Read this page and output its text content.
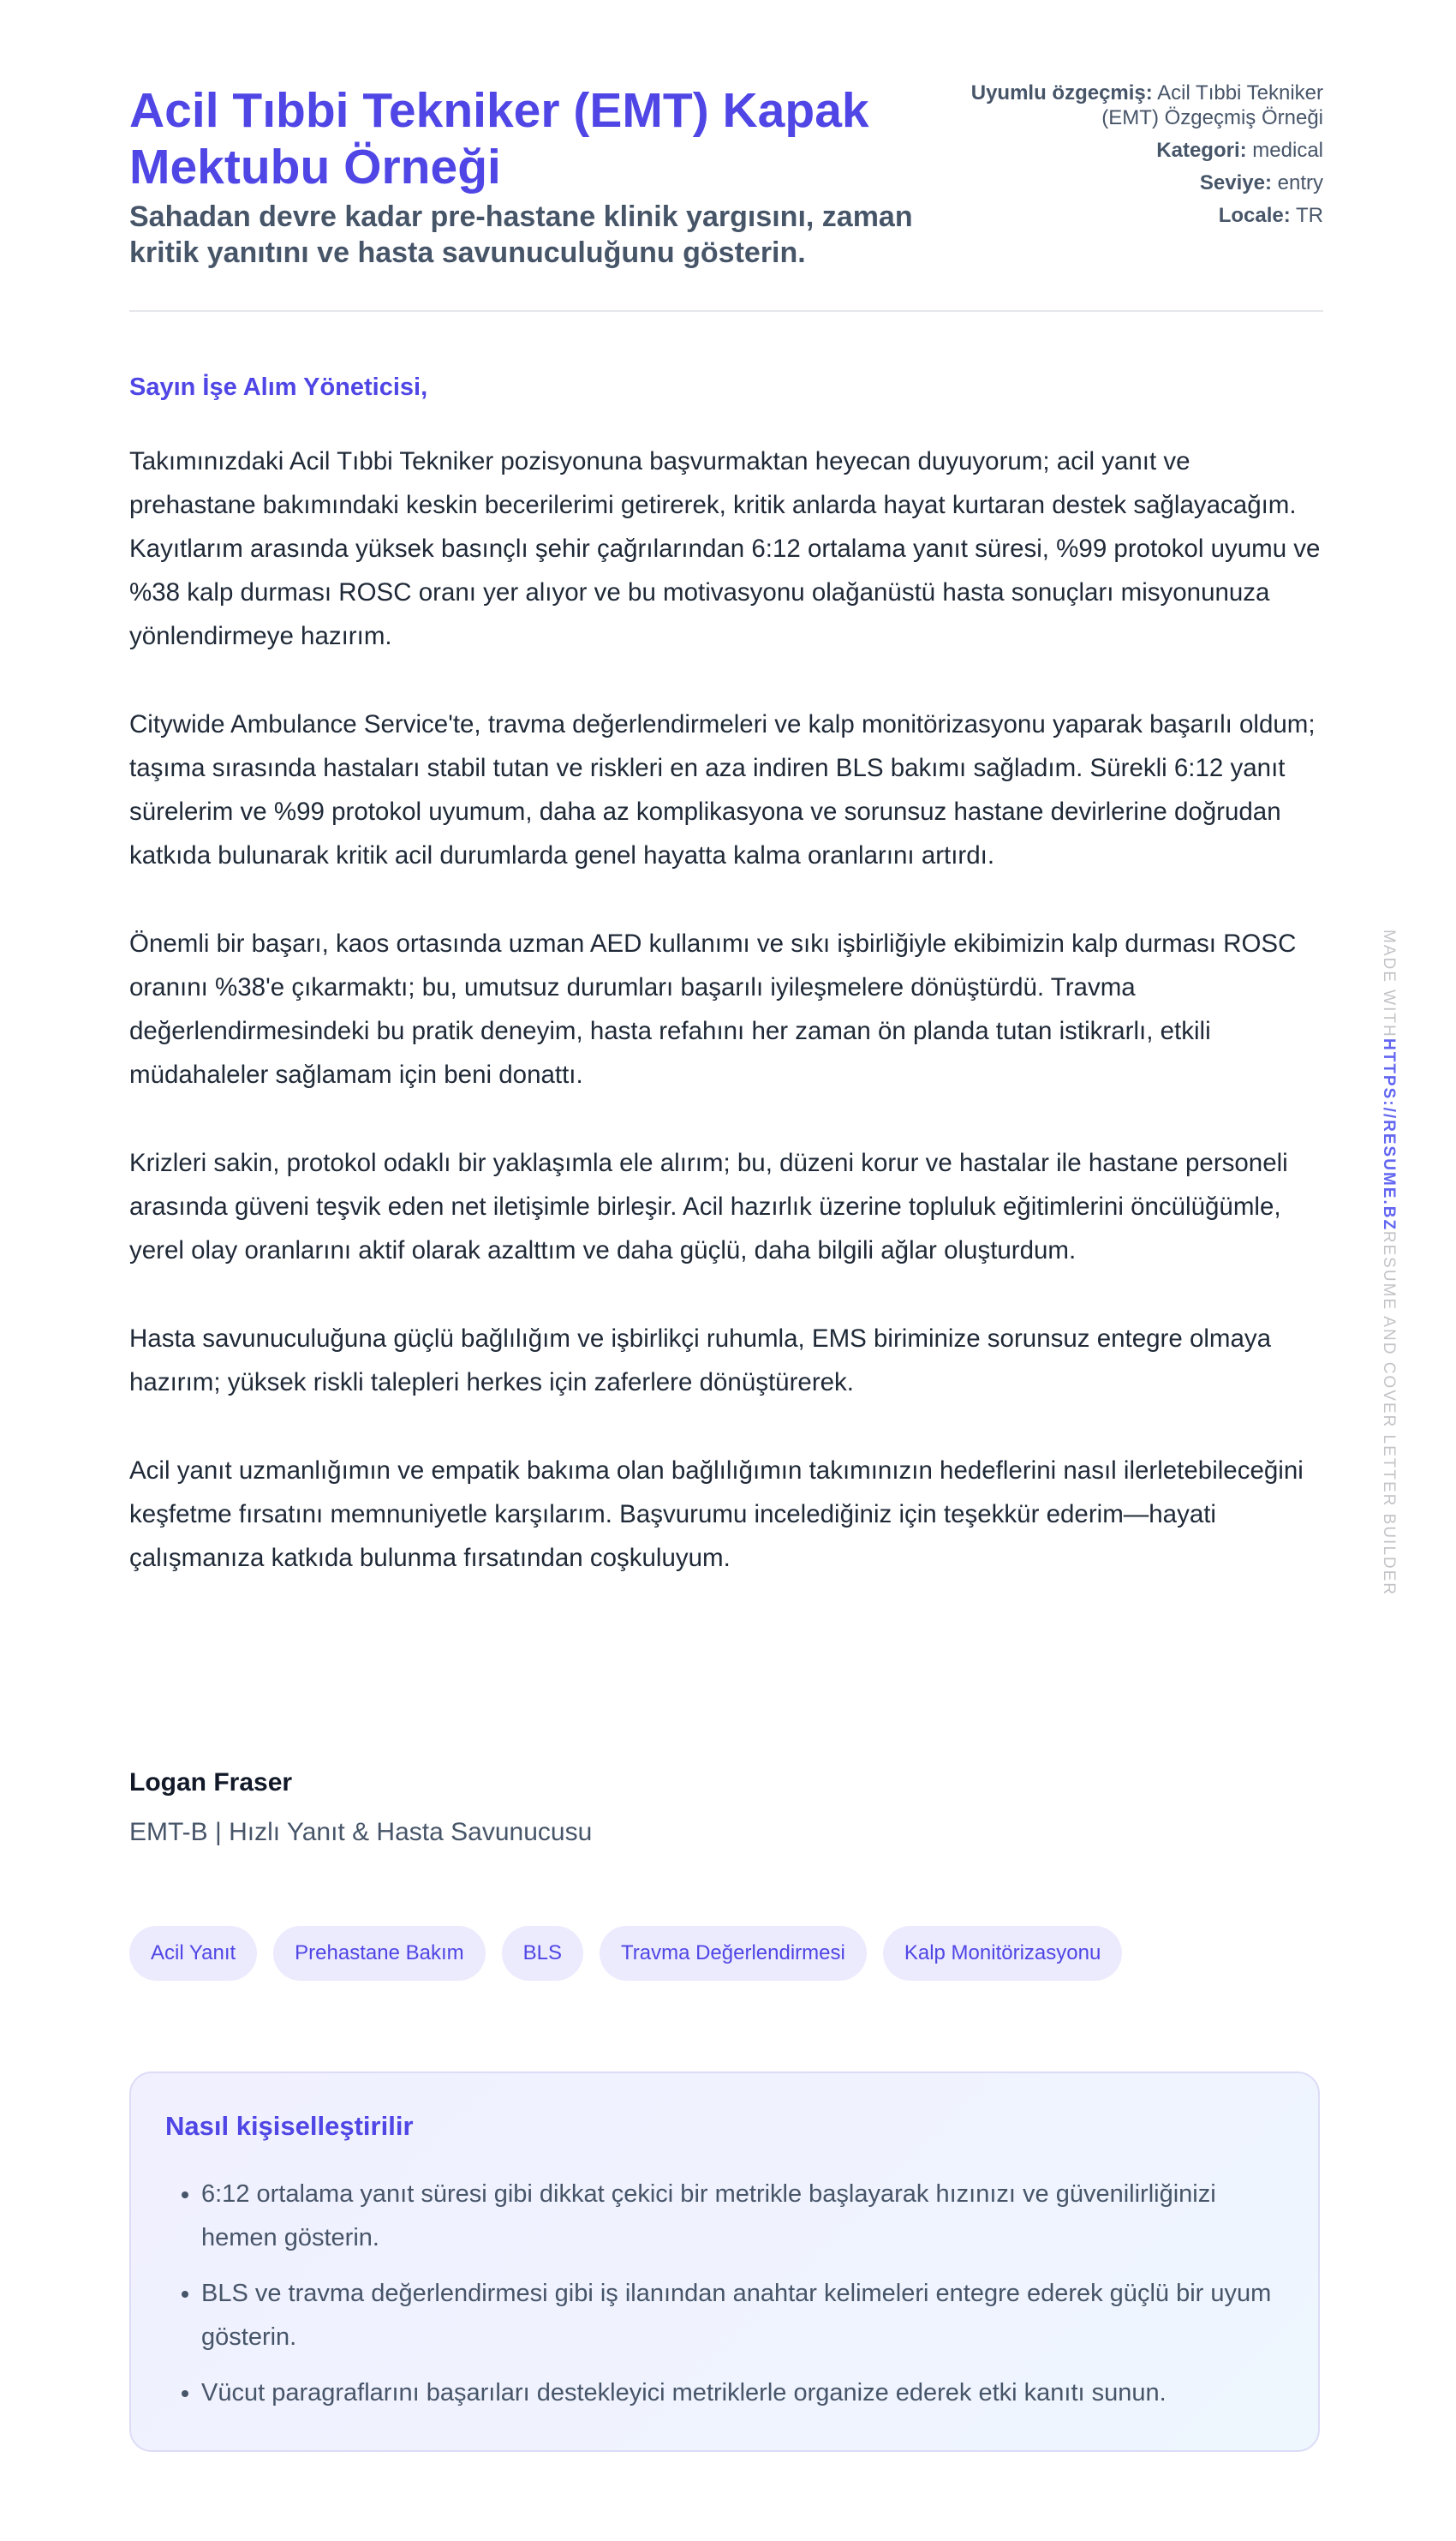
Acil Tıbbi Tekniker (EMT) Kapak Mektubu Örneği

Sahadan devre kadar pre-hastane klinik yargısını, zaman kritik yanıtını ve hasta savunuculuğunu gösterin.

Uyumlu özgeçmiş: Acil Tıbbi Tekniker (EMT) Özgeçmiş Örneği
Kategori: medical
Seviye: entry
Locale: TR
Sayın İşe Alım Yöneticisi,

Takımınızdaki Acil Tıbbi Tekniker pozisyonuna başvurmaktan heyecan duyuyorum; acil yanıt ve prehastane bakımındaki keskin becerilerimi getirerek, kritik anlarda hayat kurtaran destek sağlayacağım. Kayıtlarım arasında yüksek basınçlı şehir çağrılarından 6:12 ortalama yanıt süresi, %99 protokol uyumu ve %38 kalp durması ROSC oranı yer alıyor ve bu motivasyonu olağanüstü hasta sonuçları misyonunuza yönlendirmeye hazırım.

Citywide Ambulance Service'te, travma değerlendirmeleri ve kalp monitörizasyonu yaparak başarılı oldum; taşıma sırasında hastaları stabil tutan ve riskleri en aza indiren BLS bakımı sağladım. Sürekli 6:12 yanıt sürelerim ve %99 protokol uyumum, daha az komplikasyona ve sorunsuz hastane devirlerine doğrudan katkıda bulunarak kritik acil durumlarda genel hayatta kalma oranlarını artırdı.

Önemli bir başarı, kaos ortasında uzman AED kullanımı ve sıkı işbirliğiyle ekibimizin kalp durması ROSC oranını %38'e çıkarmaktı; bu, umutsuz durumları başarılı iyileşmelere dönüştürdü. Travma değerlendirmesindeki bu pratik deneyim, hasta refahını her zaman ön planda tutan istikrarlı, etkili müdahaleler sağlamam için beni donattı.

Krizleri sakin, protokol odaklı bir yaklaşımla ele alırım; bu, düzeni korur ve hastalar ile hastane personeli arasında güveni teşvik eden net iletişimle birleşir. Acil hazırlık üzerine topluluk eğitimlerini öncülüğümle, yerel olay oranlarını aktif olarak azalttım ve daha güçlü, daha bilgili ağlar oluşturdum.

Hasta savunuculuğuna güçlü bağlılığım ve işbirlikçi ruhumla, EMS biriminize sorunsuz entegre olmaya hazırım; yüksek riskli talepleri herkes için zaferlere dönüştürerek.

Acil yanıt uzmanlığımın ve empatik bakıma olan bağlılığımın takımınızın hedeflerini nasıl ilerletebileceğini keşfetme fırsatını memnuniyetle karşılarım. Başvurumu incelediğiniz için teşekkür ederim—hayati çalışmanıza katkıda bulunma fırsatından coşkuluyum.

Logan Fraser
EMT-B | Hızlı Yanıt & Hasta Savunucusu
Acil Yanıt	Prehastane Bakım	BLS	Travma Değerlendirmesi	Kalp Monitörizasyonu
Nasıl kişiselleştirilir
• 6:12 ortalama yanıt süresi gibi dikkat çekici bir metrikle başlayarak hızınızı ve güvenilirliğinizi hemen gösterin.
• BLS ve travma değerlendirmesi gibi iş ilanından anahtar kelimeleri entegre ederek güçlü bir uyum gösterin.
• Vücut paragraflarını başarıları destekleyici metriklerle organize ederek etki kanıtı sunun.
MADE WITHHTTPS://RESUME.BZRESUME AND COVER LETTER BUILDER
